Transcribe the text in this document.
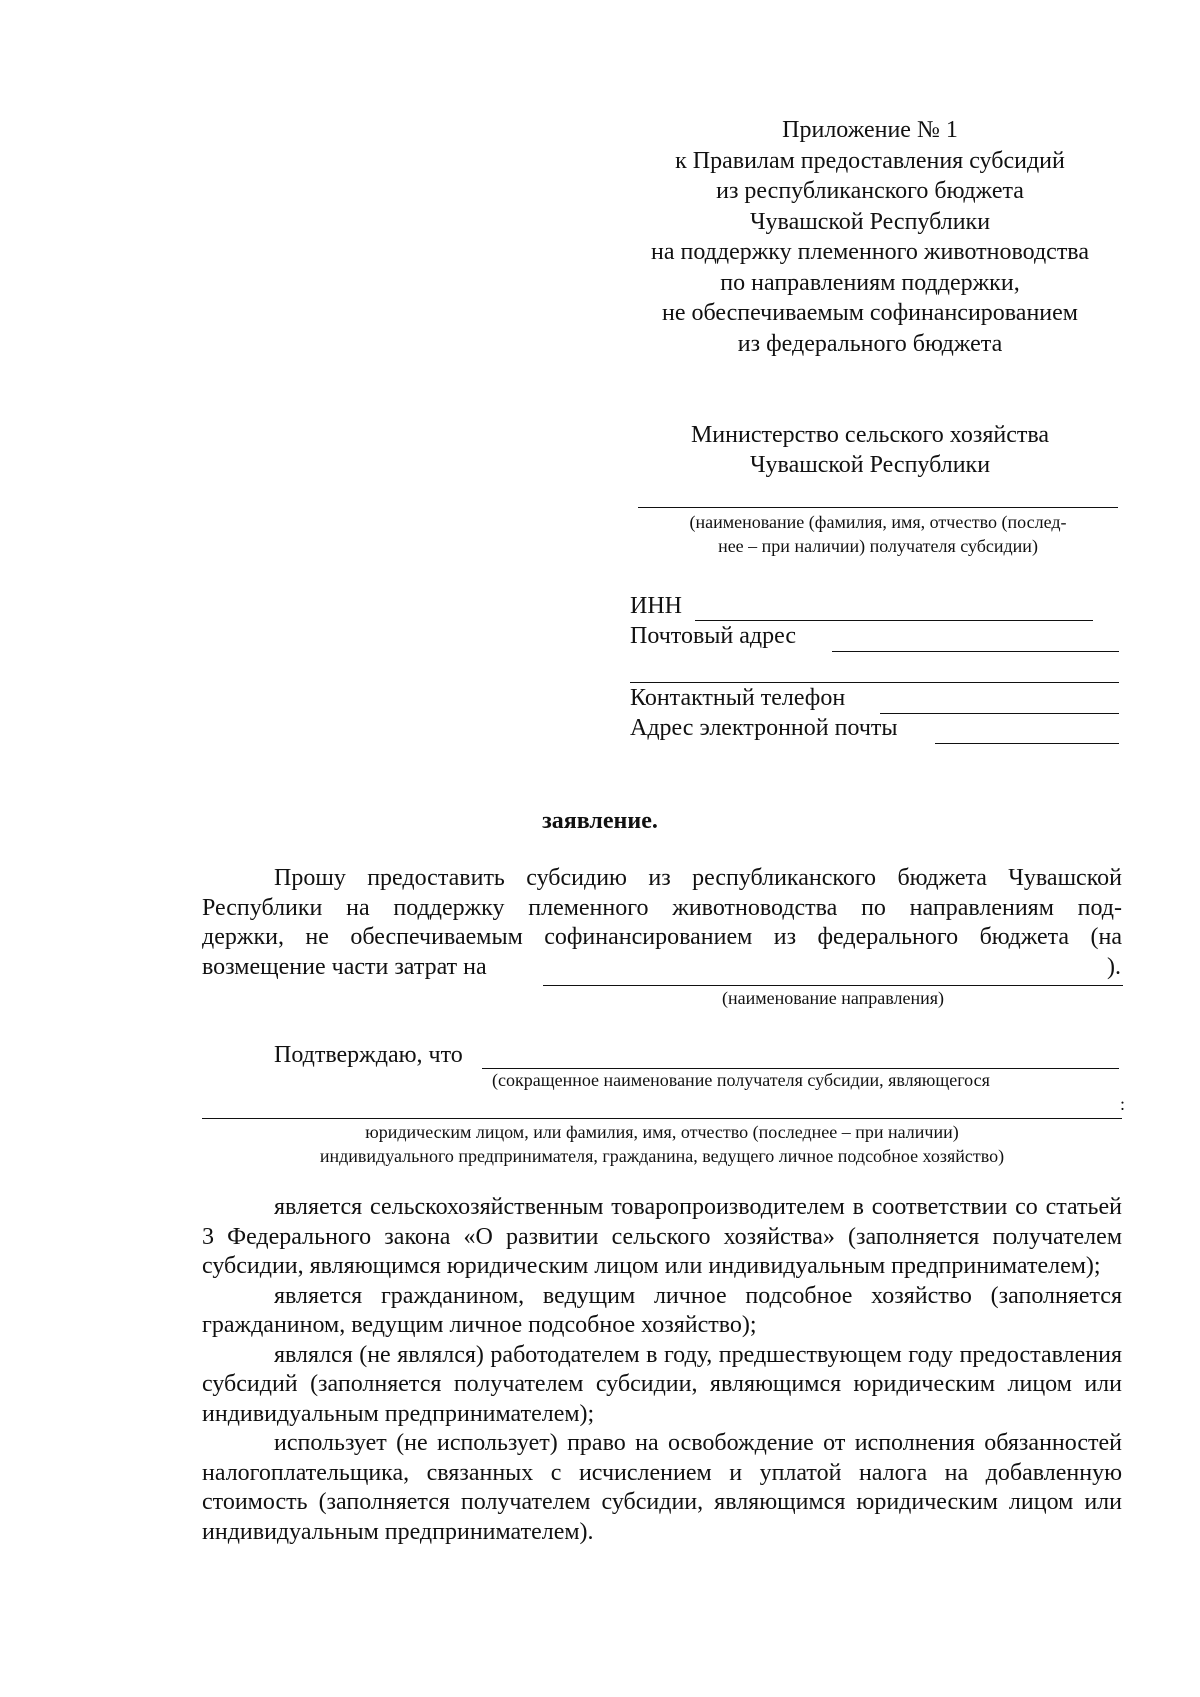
Приложение № 1
к Правилам предоставления субсидий
из республиканского бюджета
Чувашской Республики
на поддержку племенного животноводства
по направлениям поддержки,
не обеспечиваемым софинансированием
из федерального бюджета
Министерство сельского хозяйства
Чувашской Республики
(наименование (фамилия, имя, отчество (послед-
нее – при наличии) получателя субсидии)
ИНН
Почтовый адрес
Контактный телефон
Адрес электронной почты
заявление.
Прошу предоставить субсидию из республиканского бюджета Чувашской
Республики на поддержку племенного животноводства по направлениям под-
держки, не обеспечиваемым софинансированием из федерального бюджета (на
возмещение части затрат на	).
(наименование направления)
Подтверждаю, что
(сокращенное наименование получателя субсидии, являющегося
:
юридическим лицом, или фамилия, имя, отчество (последнее – при наличии)
индивидуального предпринимателя, гражданина, ведущего личное подсобное хозяйство)

является сельскохозяйственным товаропроизводителем в соответствии со статьей 3 Федерального закона «О развитии сельского хозяйства» (заполняется получателем субсидии, являющимся юридическим лицом или индивидуальным предпринимателем);

является гражданином, ведущим личное подсобное хозяйство (заполняется гражданином, ведущим личное подсобное хозяйство);

являлся (не являлся) работодателем в году, предшествующем году предоставления субсидий (заполняется получателем субсидии, являющимся юридическим лицом или индивидуальным предпринимателем);

использует (не использует) право на освобождение от исполнения обязанностей налогоплательщика, связанных с исчислением и уплатой налога на добавленную стоимость (заполняется получателем субсидии, являющимся юридическим лицом или индивидуальным предпринимателем).
